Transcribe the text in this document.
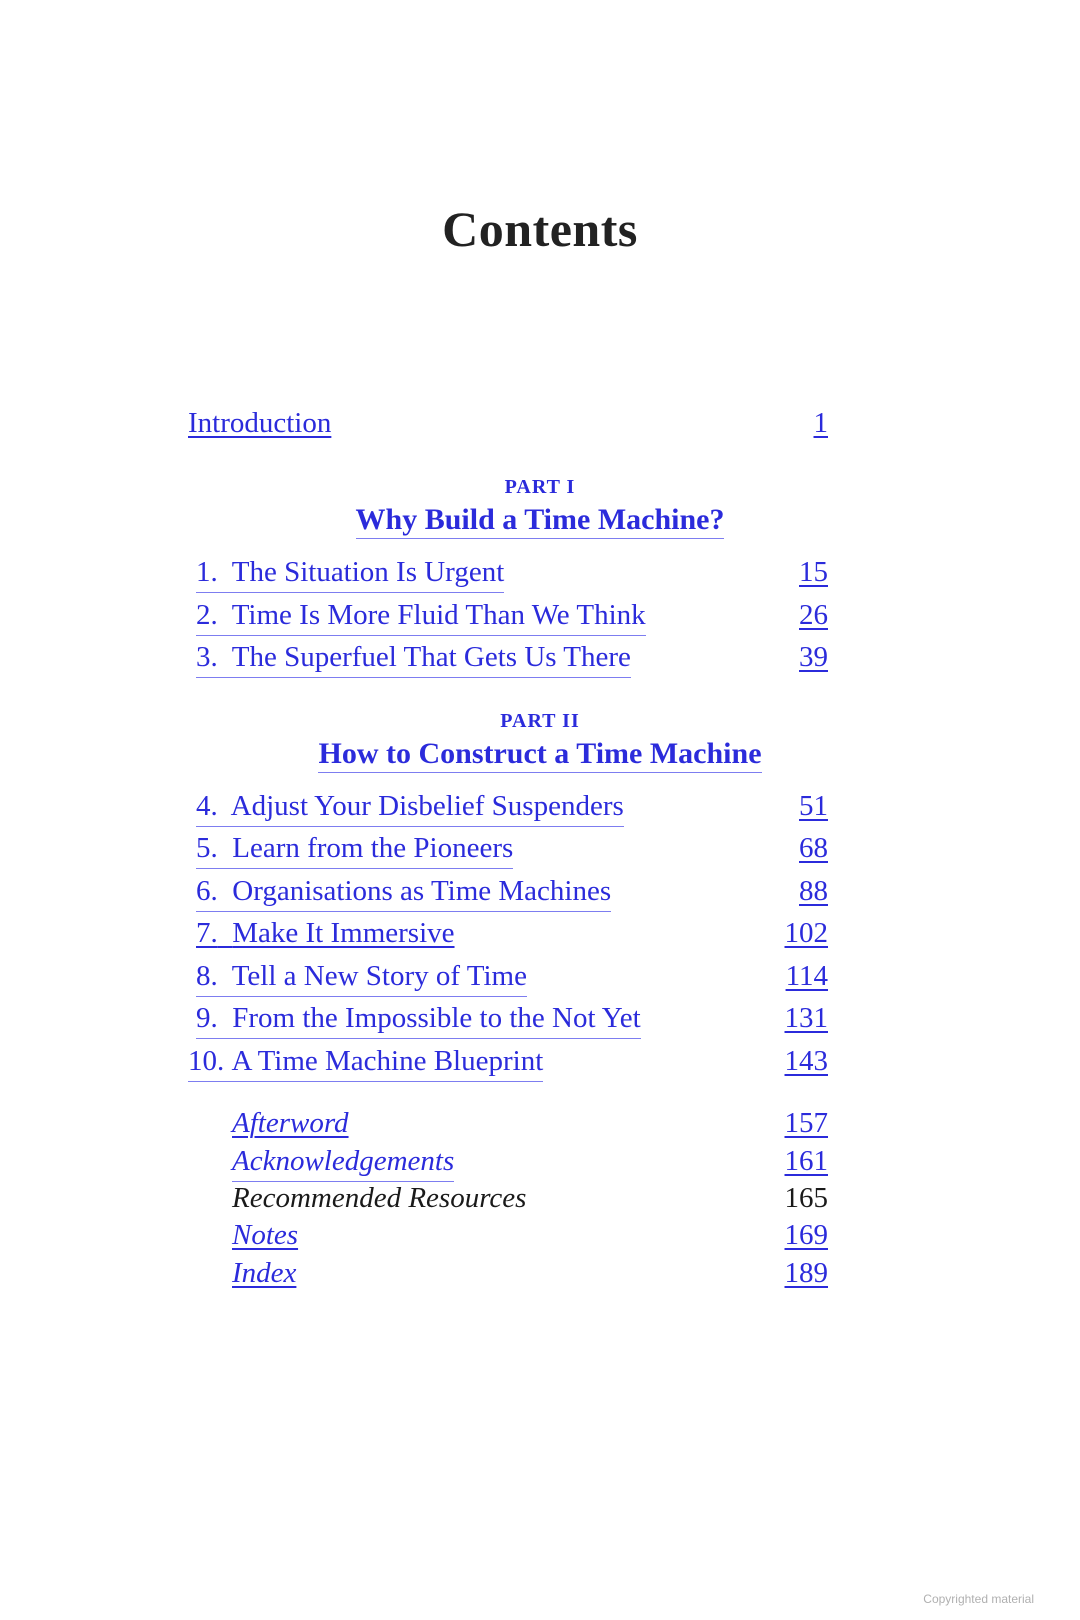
Contents
Introduction	1
PART I
Why Build a Time Machine?
1. The Situation Is Urgent	15
2. Time Is More Fluid Than We Think	26
3. The Superfuel That Gets Us There	39
PART II
How to Construct a Time Machine
4. Adjust Your Disbelief Suspenders	51
5. Learn from the Pioneers	68
6. Organisations as Time Machines	88
7. Make It Immersive	102
8. Tell a New Story of Time	114
9. From the Impossible to the Not Yet	131
10. A Time Machine Blueprint	143
Afterword	157
Acknowledgements	161
Recommended Resources	165
Notes	169
Index	189
Copyrighted material
